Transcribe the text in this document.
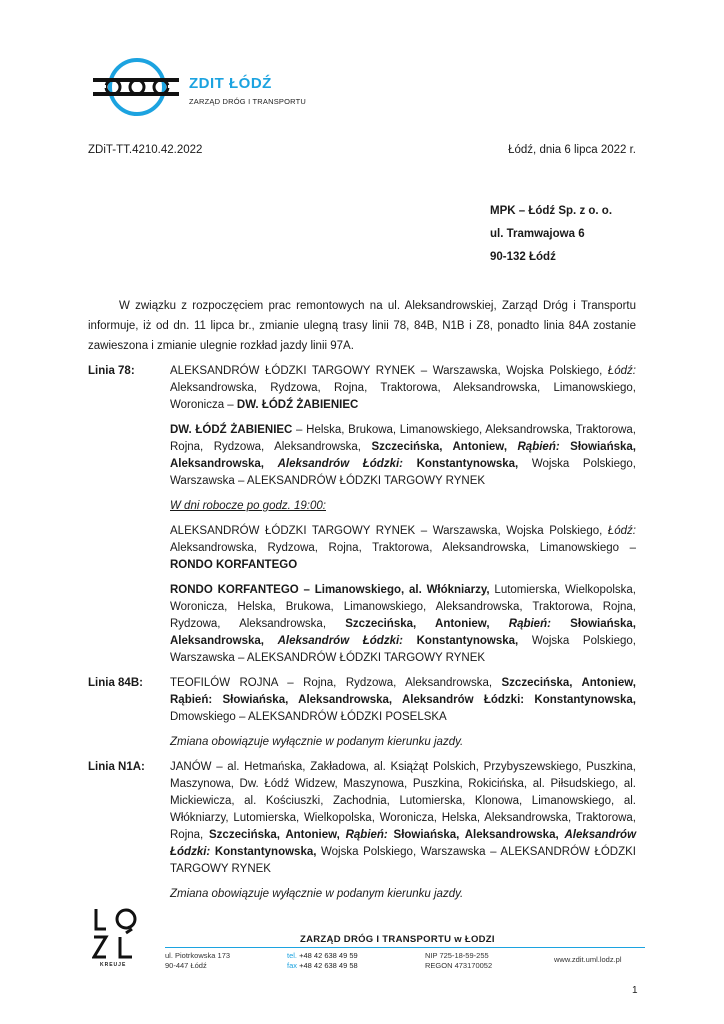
ZDIT ŁÓDŹ
ZARZĄD DRÓG I TRANSPORTU
ZDiT-TT.4210.42.2022	Łódź, dnia 6 lipca 2022 r.
MPK – Łódź Sp. z o. o.
ul. Tramwajowa 6
90-132 Łódź

W związku z rozpoczęciem prac remontowych na ul. Aleksandrowskiej, Zarząd Dróg i Transportu informuje, iż od dn. 11 lipca br., zmianie ulegną trasy linii 78, 84B, N1B i Z8, ponadto linia 84A zostanie zawieszona i zmianie ulegnie rozkład jazdy linii 97A.

Linia 78:	ALEKSANDRÓW ŁÓDZKI TARGOWY RYNEK – Warszawska, Wojska Polskiego, Łódź: Aleksandrowska, Rydzowa, Rojna, Traktorowa, Aleksandrowska, Limanowskiego, Woronicza – DW. ŁÓDŹ ŻABIENIEC

DW. ŁÓDŹ ŻABIENIEC – Helska, Brukowa, Limanowskiego, Aleksandrowska, Traktorowa, Rojna, Rydzowa, Aleksandrowska, Szczecińska, Antoniew, Rąbień: Słowiańska, Aleksandrowska, Aleksandrów Łódzki: Konstantynowska, Wojska Polskiego, Warszawska – ALEKSANDRÓW ŁÓDZKI TARGOWY RYNEK

W dni robocze po godz. 19:00:

ALEKSANDRÓW ŁÓDZKI TARGOWY RYNEK – Warszawska, Wojska Polskiego, Łódź: Aleksandrowska, Rydzowa, Rojna, Traktorowa, Aleksandrowska, Limanowskiego – RONDO KORFANTEGO

RONDO KORFANTEGO – Limanowskiego, al. Włókniarzy, Lutomierska, Wielkopolska, Woronicza, Helska, Brukowa, Limanowskiego, Aleksandrowska, Traktorowa, Rojna, Rydzowa, Aleksandrowska, Szczecińska, Antoniew, Rąbień: Słowiańska, Aleksandrowska, Aleksandrów Łódzki: Konstantynowska, Wojska Polskiego, Warszawska – ALEKSANDRÓW ŁÓDZKI TARGOWY RYNEK

Linia 84B:	TEOFILÓW ROJNA – Rojna, Rydzowa, Aleksandrowska, Szczecińska, Antoniew, Rąbień: Słowiańska, Aleksandrowska, Aleksandrów Łódzki: Konstantynowska, Dmowskiego – ALEKSANDRÓW ŁÓDZKI POSELSKA

Zmiana obowiązuje wyłącznie w podanym kierunku jazdy.

Linia N1A:	JANÓW – al. Hetmańska, Zakładowa, al. Książąt Polskich, Przybyszewskiego, Puszkina, Maszynowa, Dw. Łódź Widzew, Maszynowa, Puszkina, Rokicińska, al. Piłsudskiego, al. Mickiewicza, al. Kościuszki, Zachodnia, Lutomierska, Klonowa, Limanowskiego, al. Włókniarzy, Lutomierska, Wielkopolska, Woronicza, Helska, Aleksandrowska, Traktorowa, Rojna, Szczecińska, Antoniew, Rąbień: Słowiańska, Aleksandrowska, Aleksandrów Łódzki: Konstantynowska, Wojska Polskiego, Warszawska – ALEKSANDRÓW ŁÓDZKI TARGOWY RYNEK

Zmiana obowiązuje wyłącznie w podanym kierunku jazdy.

KREUJE
ZARZĄD DRÓG I TRANSPORTU w ŁODZI
ul. Piotrkowska 173
90-447 Łódź
tel. +48 42 638 49 59
fax +48 42 638 49 58
NIP 725-18-59-255
REGON 473170052
www.zdit.uml.lodz.pl
1
